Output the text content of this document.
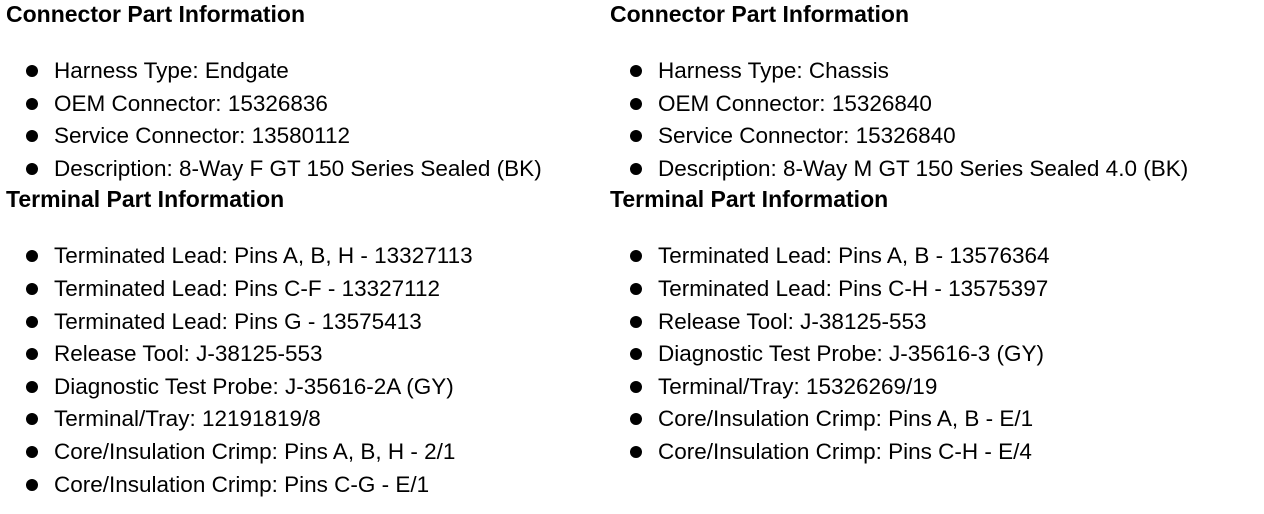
Connector Part Information
Harness Type: Endgate
OEM Connector: 15326836
Service Connector: 13580112
Description: 8-Way F GT 150 Series Sealed (BK)
Terminal Part Information
Terminated Lead: Pins A, B, H - 13327113
Terminated Lead: Pins C-F - 13327112
Terminated Lead: Pins G - 13575413
Release Tool: J-38125-553
Diagnostic Test Probe: J-35616-2A (GY)
Terminal/Tray: 12191819/8
Core/Insulation Crimp: Pins A, B, H - 2/1
Core/Insulation Crimp: Pins C-G - E/1
Connector Part Information
Harness Type: Chassis
OEM Connector: 15326840
Service Connector: 15326840
Description: 8-Way M GT 150 Series Sealed 4.0 (BK)
Terminal Part Information
Terminated Lead: Pins A, B - 13576364
Terminated Lead: Pins C-H - 13575397
Release Tool: J-38125-553
Diagnostic Test Probe: J-35616-3 (GY)
Terminal/Tray: 15326269/19
Core/Insulation Crimp: Pins A, B - E/1
Core/Insulation Crimp: Pins C-H - E/4
